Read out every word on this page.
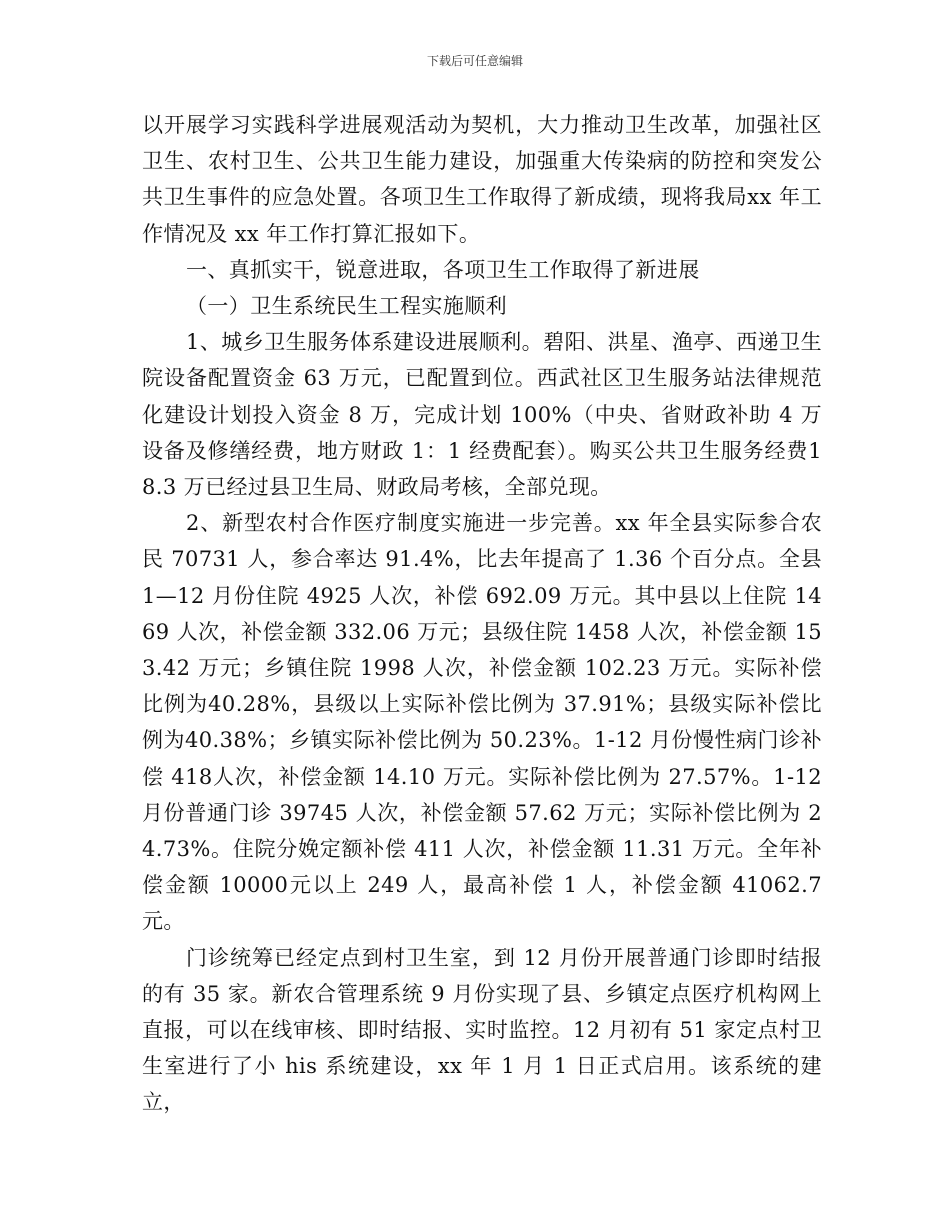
下载后可任意编辑

以开展学习实践科学进展观活动为契机，大力推动卫生改革，加强社区卫生、农村卫生、公共卫生能力建设，加强重大传染病的防控和突发公共卫生事件的应急处置。各项卫生工作取得了新成绩，现将我局xx 年工作情况及 xx 年工作打算汇报如下。

一、真抓实干，锐意进取，各项卫生工作取得了新进展

（一）卫生系统民生工程实施顺利

1、城乡卫生服务体系建设进展顺利。碧阳、洪星、渔亭、西递卫生院设备配置资金 63 万元，已配置到位。西武社区卫生服务站法律规范化建设计划投入资金 8 万，完成计划 100%（中央、省财政补助 4 万设备及修缮经费，地方财政 1：1 经费配套）。购买公共卫生服务经费18.3 万已经过县卫生局、财政局考核，全部兑现。

2、新型农村合作医疗制度实施进一步完善。xx 年全县实际参合农民 70731 人，参合率达 91.4%，比去年提高了 1.36 个百分点。全县 1—12 月份住院 4925 人次，补偿 692.09 万元。其中县以上住院 1469 人次，补偿金额 332.06 万元；县级住院 1458 人次，补偿金额 153.42 万元；乡镇住院 1998 人次，补偿金额 102.23 万元。实际补偿比例为40.28%，县级以上实际补偿比例为 37.91%；县级实际补偿比例为40.38%；乡镇实际补偿比例为 50.23%。1-12 月份慢性病门诊补偿 418人次，补偿金额 14.10 万元。实际补偿比例为 27.57%。1-12 月份普通门诊 39745 人次，补偿金额 57.62 万元；实际补偿比例为 24.73%。住院分娩定额补偿 411 人次，补偿金额 11.31 万元。全年补偿金额 10000元以上 249 人，最高补偿 1 人，补偿金额 41062.7 元。

门诊统筹已经定点到村卫生室，到 12 月份开展普通门诊即时结报的有 35 家。新农合管理系统 9 月份实现了县、乡镇定点医疗机构网上直报，可以在线审核、即时结报、实时监控。12 月初有 51 家定点村卫生室进行了小 his 系统建设，xx 年 1 月 1 日正式启用。该系统的建立，
